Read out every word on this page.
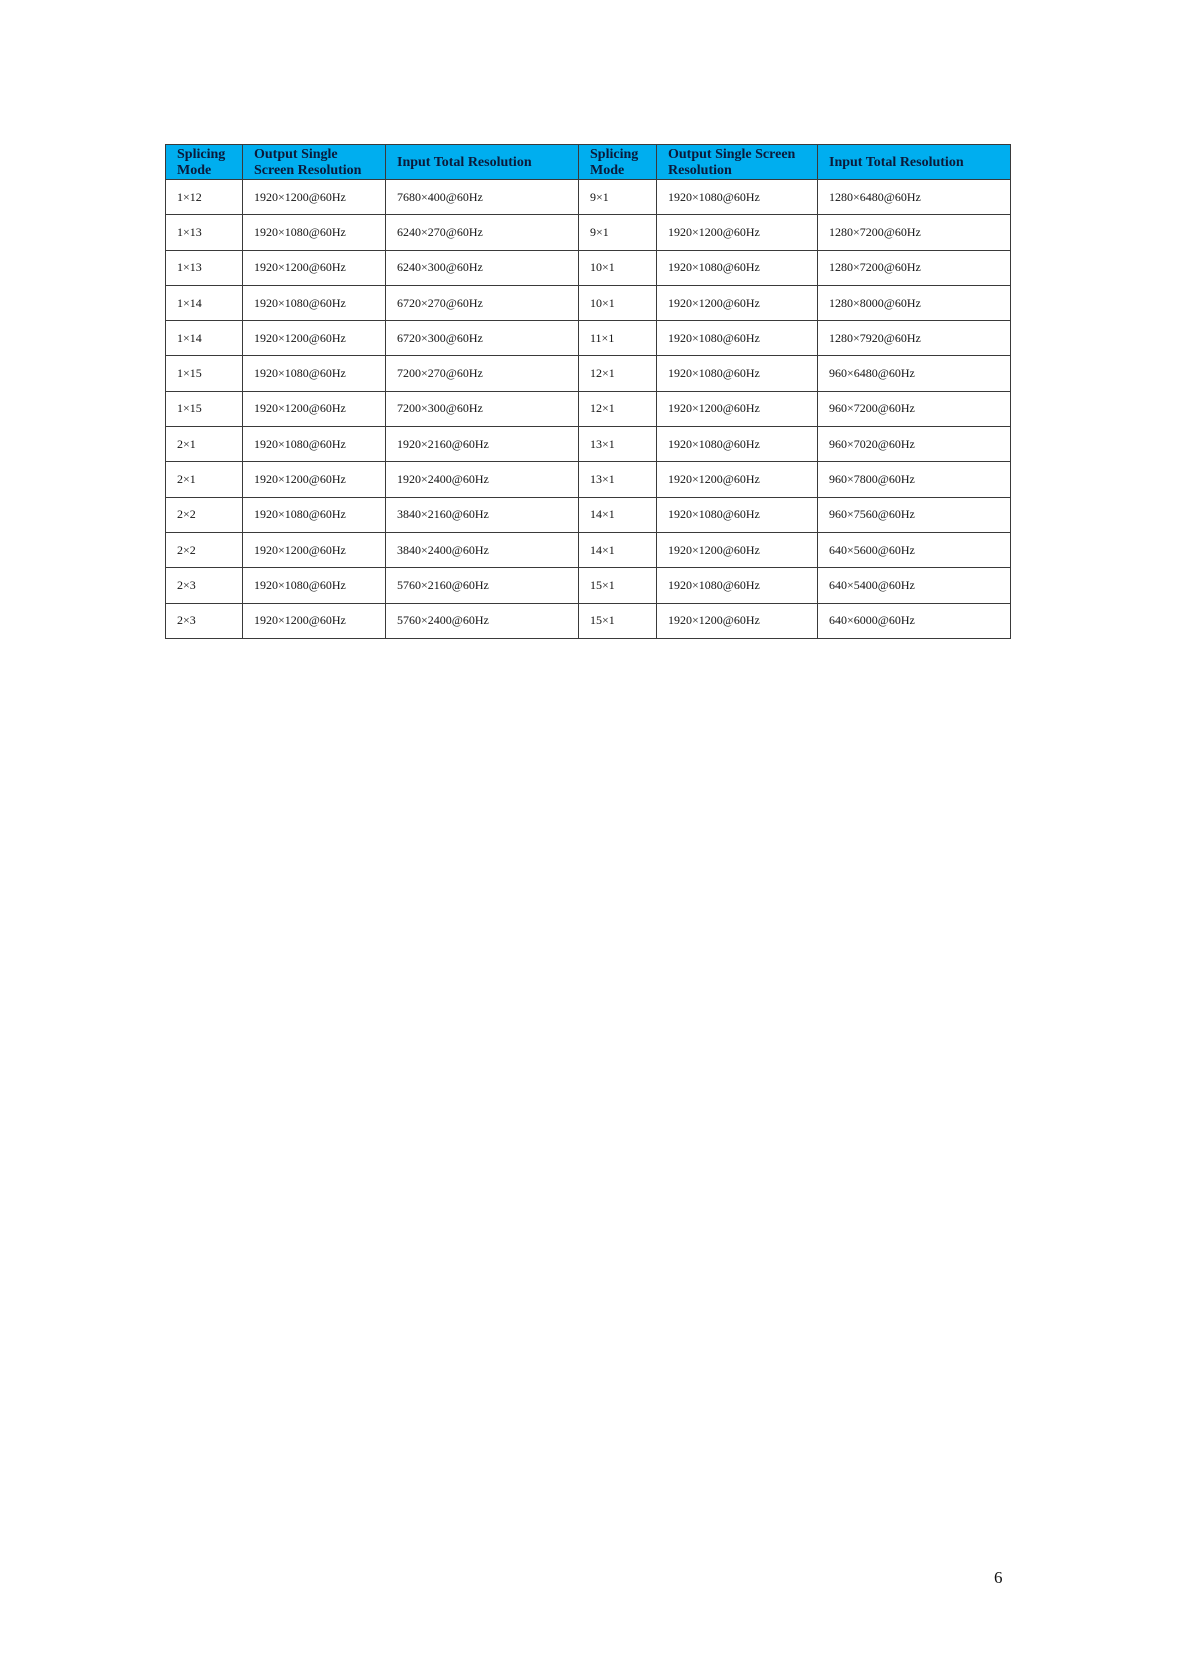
Splicing Mode	Output Single Screen Resolution	Input Total Resolution	Splicing Mode	Output Single Screen Resolution	Input Total Resolution
1×12	1920×1200@60Hz	7680×400@60Hz	9×1	1920×1080@60Hz	1280×6480@60Hz
1×13	1920×1080@60Hz	6240×270@60Hz	9×1	1920×1200@60Hz	1280×7200@60Hz
1×13	1920×1200@60Hz	6240×300@60Hz	10×1	1920×1080@60Hz	1280×7200@60Hz
1×14	1920×1080@60Hz	6720×270@60Hz	10×1	1920×1200@60Hz	1280×8000@60Hz
1×14	1920×1200@60Hz	6720×300@60Hz	11×1	1920×1080@60Hz	1280×7920@60Hz
1×15	1920×1080@60Hz	7200×270@60Hz	12×1	1920×1080@60Hz	960×6480@60Hz
1×15	1920×1200@60Hz	7200×300@60Hz	12×1	1920×1200@60Hz	960×7200@60Hz
2×1	1920×1080@60Hz	1920×2160@60Hz	13×1	1920×1080@60Hz	960×7020@60Hz
2×1	1920×1200@60Hz	1920×2400@60Hz	13×1	1920×1200@60Hz	960×7800@60Hz
2×2	1920×1080@60Hz	3840×2160@60Hz	14×1	1920×1080@60Hz	960×7560@60Hz
2×2	1920×1200@60Hz	3840×2400@60Hz	14×1	1920×1200@60Hz	640×5600@60Hz
2×3	1920×1080@60Hz	5760×2160@60Hz	15×1	1920×1080@60Hz	640×5400@60Hz
2×3	1920×1200@60Hz	5760×2400@60Hz	15×1	1920×1200@60Hz	640×6000@60Hz
6
